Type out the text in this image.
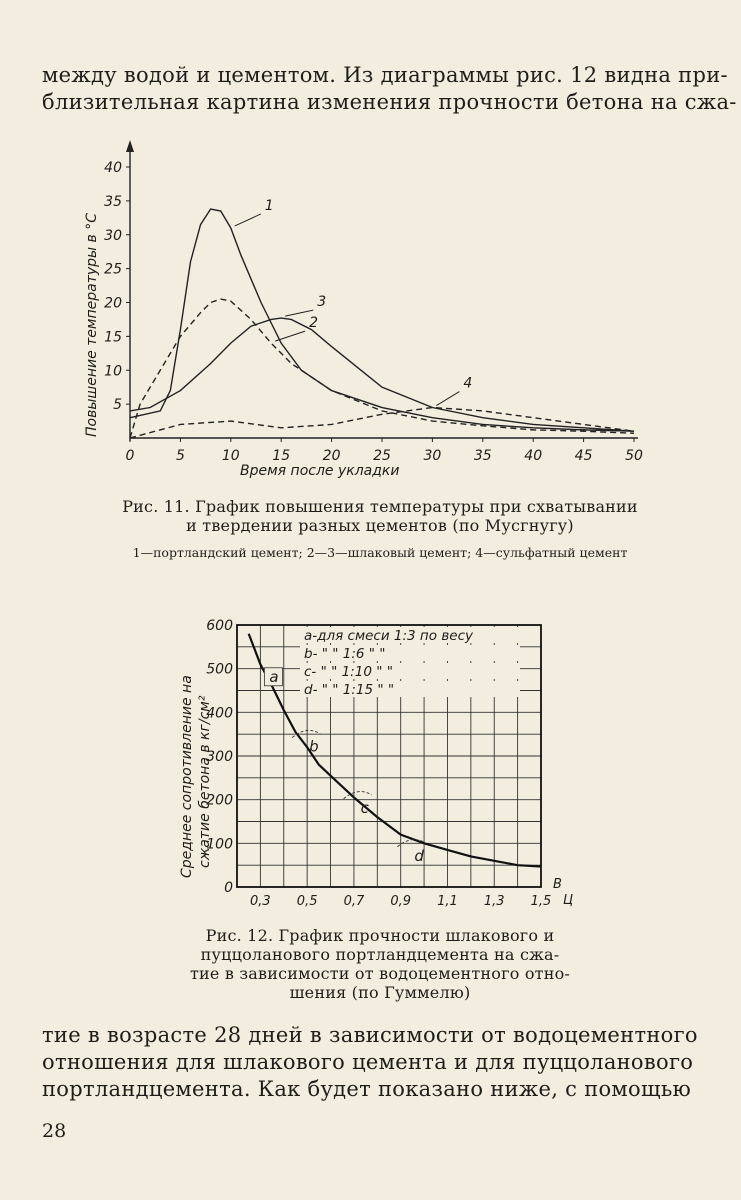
между водой и цементом. Из диаграммы рис. 12 видна при-
близительная картина изменения прочности бетона на сжа-

1
2
3
4
0	5	10 15 20 25 30 35 40 45 50
5
10
15
20
25
30
35
40
Повышение температуры в °С
Время после укладки

Рис. 11. График повышения температуры при схватывании
и твердении разных цементов (по Мусгнугу)

1—портландский цемент; 2—3—шлаковый цемент; 4—сульфатный цемент

0,3 0,5 0,7 0,9 1,1 1,3 1,5
0
100
200
300
400
500
600
a
b
c
d
a-для смеси 1:3 по весу
b- " " 1:6 " "
c- " " 1:10 " "
d- " " 1:15 " "
Среднее сопротивление на сжатие бетона в кг/см²
В
Ц

Рис. 12. График прочности шлакового и
пуццоланового портландцемента на сжа-
тие в зависимости от водоцементного отно-
шения (по Гуммелю)

тие в возрасте 28 дней в зависимости от водоцементного
отношения для шлакового цемента и для пуццоланового
портландцемента. Как будет показано ниже, с помощью

28
